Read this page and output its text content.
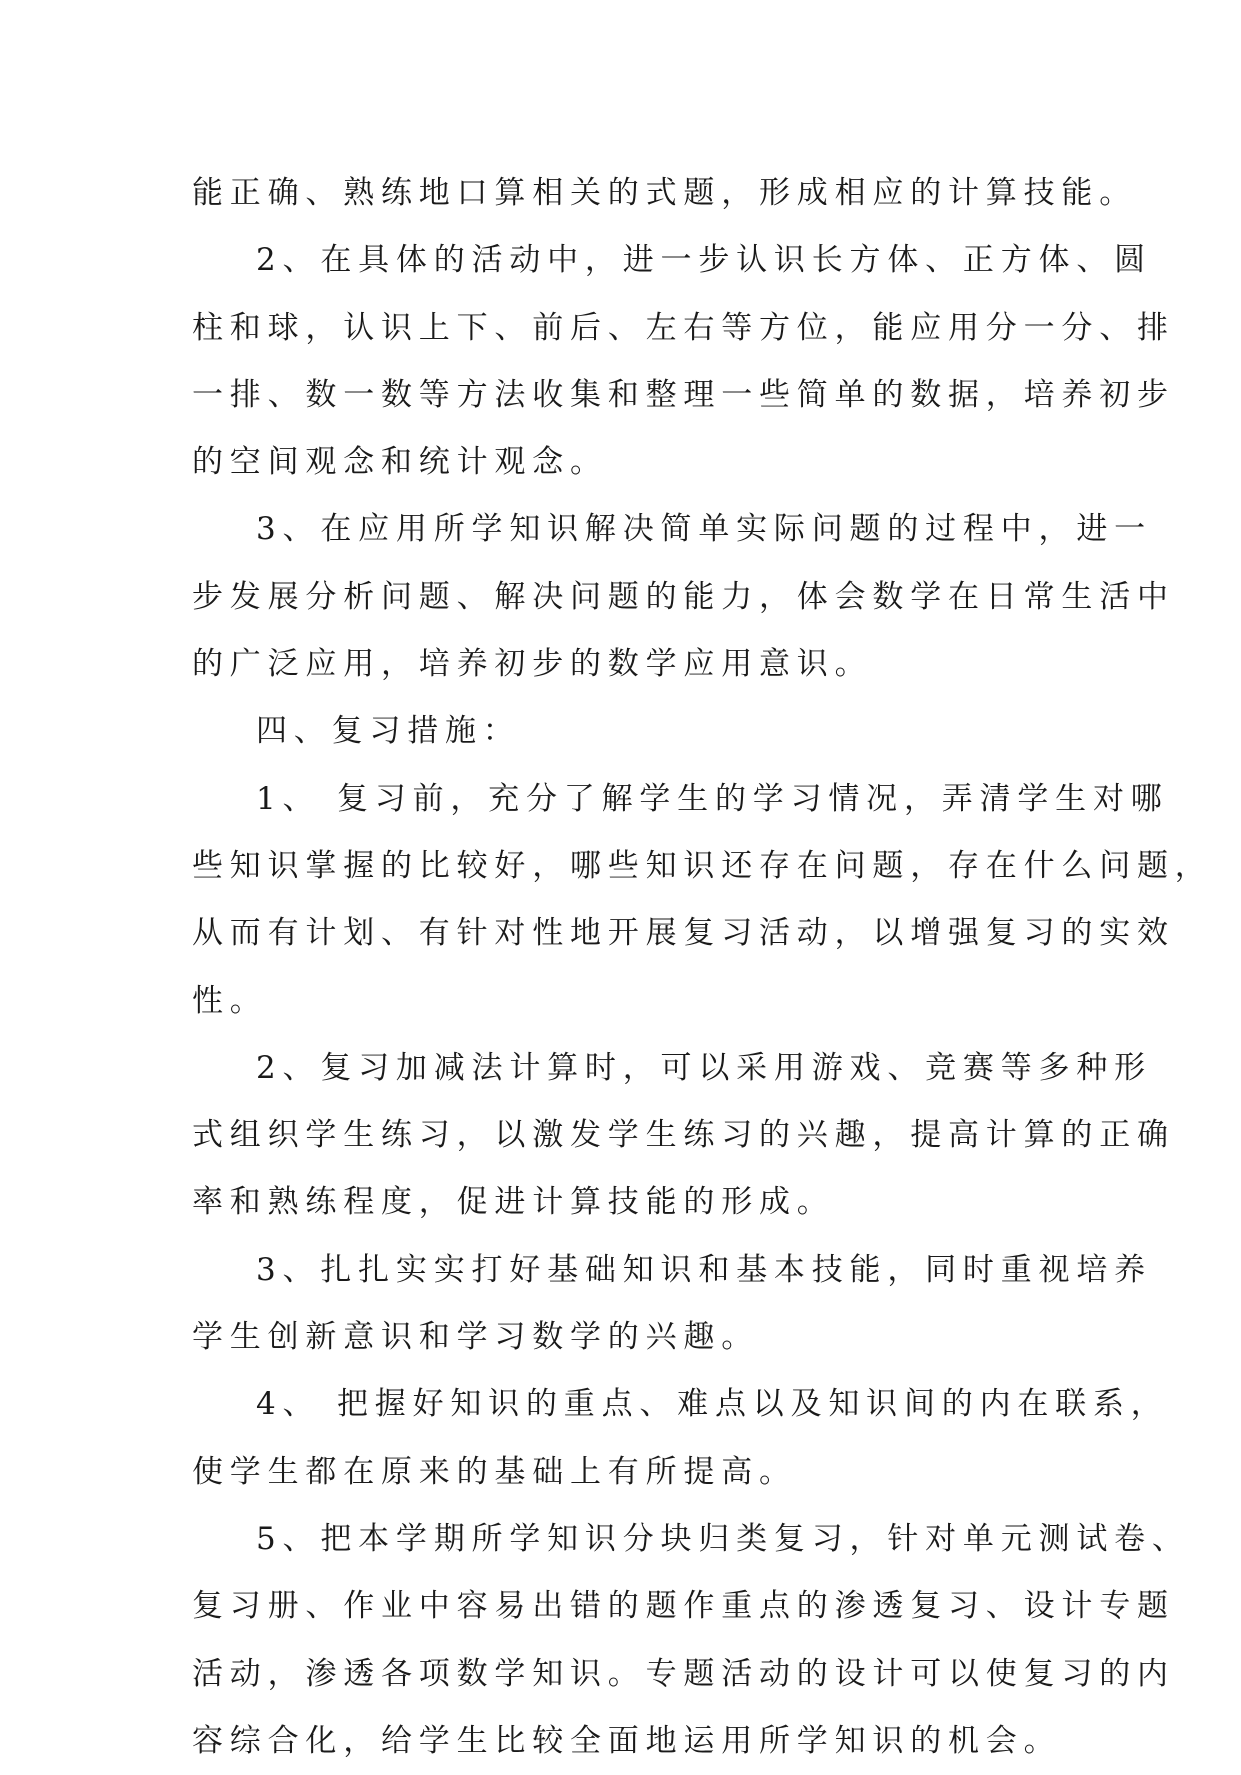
能正确、熟练地口算相关的式题，形成相应的计算技能。
2、在具体的活动中，进一步认识长方体、正方体、圆
柱和球，认识上下、前后、左右等方位，能应用分一分、排
一排、数一数等方法收集和整理一些简单的数据，培养初步
的空间观念和统计观念。
3、在应用所学知识解决简单实际问题的过程中，进一
步发展分析问题、解决问题的能力，体会数学在日常生活中
的广泛应用，培养初步的数学应用意识。
四、复习措施：
1、 复习前，充分了解学生的学习情况，弄清学生对哪
些知识掌握的比较好，哪些知识还存在问题，存在什么问题，
从而有计划、有针对性地开展复习活动，以增强复习的实效
性。
2、复习加减法计算时，可以采用游戏、竞赛等多种形
式组织学生练习，以激发学生练习的兴趣，提高计算的正确
率和熟练程度，促进计算技能的形成。
3、扎扎实实打好基础知识和基本技能，同时重视培养
学生创新意识和学习数学的兴趣。
4、 把握好知识的重点、难点以及知识间的内在联系，
使学生都在原来的基础上有所提高。
5、把本学期所学知识分块归类复习，针对单元测试卷、
复习册、作业中容易出错的题作重点的渗透复习、设计专题
活动，渗透各项数学知识。专题活动的设计可以使复习的内
容综合化，给学生比较全面地运用所学知识的机会。
